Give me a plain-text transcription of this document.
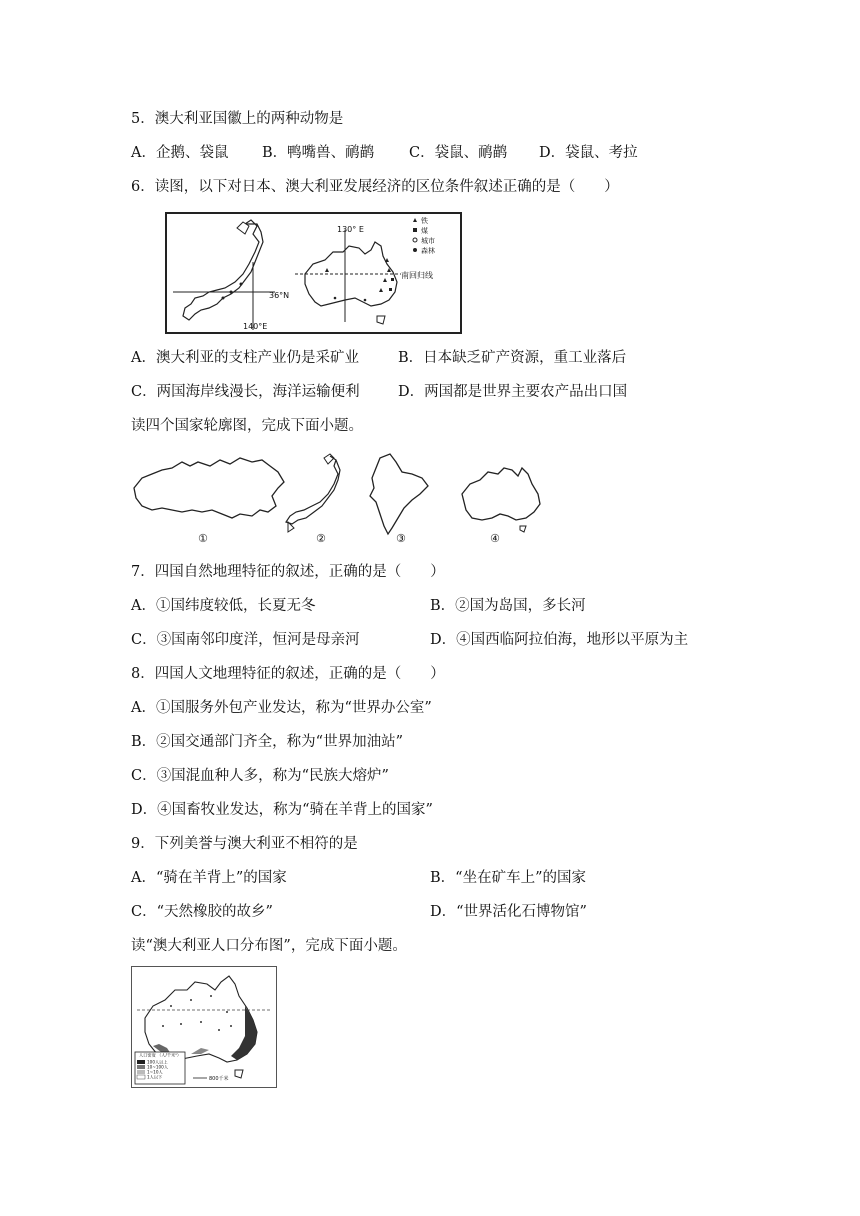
5．澳大利亚国徽上的两种动物是
A．企鹅、袋鼠 B．鸭嘴兽、鸸鹋 C．袋鼠、鸸鹋 D．袋鼠、考拉
6．读图，以下对日本、澳大利亚发展经济的区位条件叙述正确的是（　　）
36°N
140°E
130° E
南回归线
铁
煤
城市
森林
A．澳大利亚的支柱产业仍是采矿业	B．日本缺乏矿产资源，重工业落后
C．两国海岸线漫长，海洋运输便利	D．两国都是世界主要农产品出口国
读四个国家轮廓图，完成下面小题。
①	②	③	④
7．四国自然地理特征的叙述，正确的是（　　）
A．①国纬度较低，长夏无冬	B．②国为岛国，多长河
C．③国南邻印度洋，恒河是母亲河	D．④国西临阿拉伯海，地形以平原为主
8．四国人文地理特征的叙述，正确的是（　　）
A．①国服务外包产业发达，称为“世界办公室”
B．②国交通部门齐全，称为“世界加油站”
C．③国混血种人多，称为“民族大熔炉”
D．④国畜牧业发达，称为“骑在羊背上的国家”
9．下列美誉与澳大利亚不相符的是
A．“骑在羊背上”的国家	B．“坐在矿车上”的国家
C．“天然橡胶的故乡”	D．“世界活化石博物馆”
读“澳大利亚人口分布图”，完成下面小题。
人口密度 （人/千米²）
100人以上
10~100人
1~10人
1人以下	800千米
